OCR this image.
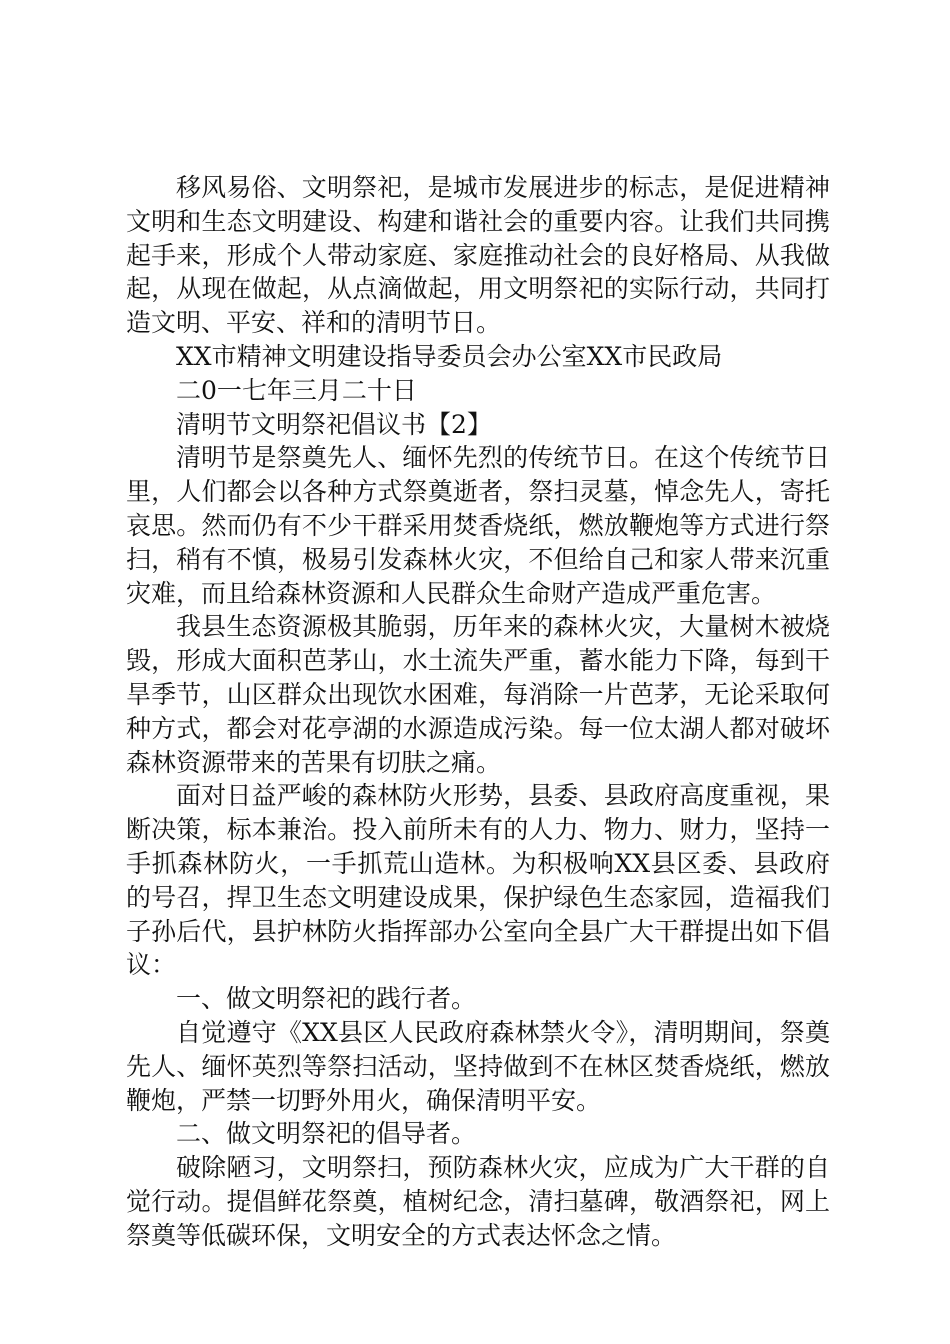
移风易俗、文明祭祀，是城市发展进步的标志，是促进精神文明和生态文明建设、构建和谐社会的重要内容。让我们共同携起手来，形成个人带动家庭、家庭推动社会的良好格局、从我做起，从现在做起，从点滴做起，用文明祭祀的实际行动，共同打造文明、平安、祥和的清明节日。

XX市精神文明建设指导委员会办公室XX市民政局

二0一七年三月二十日

清明节文明祭祀倡议书【2】

清明节是祭奠先人、缅怀先烈的传统节日。在这个传统节日里，人们都会以各种方式祭奠逝者，祭扫灵墓，悼念先人，寄托哀思。然而仍有不少干群采用焚香烧纸，燃放鞭炮等方式进行祭扫，稍有不慎，极易引发森林火灾，不但给自己和家人带来沉重灾难，而且给森林资源和人民群众生命财产造成严重危害。

我县生态资源极其脆弱，历年来的森林火灾，大量树木被烧毁，形成大面积芭茅山，水土流失严重，蓄水能力下降，每到干旱季节，山区群众出现饮水困难，每消除一片芭茅，无论采取何种方式，都会对花亭湖的水源造成污染。每一位太湖人都对破坏森林资源带来的苦果有切肤之痛。

面对日益严峻的森林防火形势，县委、县政府高度重视，果断决策，标本兼治。投入前所未有的人力、物力、财力，坚持一手抓森林防火，一手抓荒山造林。为积极响XX县区委、县政府的号召，捍卫生态文明建设成果，保护绿色生态家园，造福我们子孙后代，县护林防火指挥部办公室向全县广大干群提出如下倡议：

一、做文明祭祀的践行者。

自觉遵守《XX县区人民政府森林禁火令》，清明期间，祭奠先人、缅怀英烈等祭扫活动，坚持做到不在林区焚香烧纸，燃放鞭炮，严禁一切野外用火，确保清明平安。

二、做文明祭祀的倡导者。

破除陋习，文明祭扫，预防森林火灾，应成为广大干群的自觉行动。提倡鲜花祭奠，植树纪念，清扫墓碑，敬酒祭祀，网上祭奠等低碳环保，文明安全的方式表达怀念之情。
